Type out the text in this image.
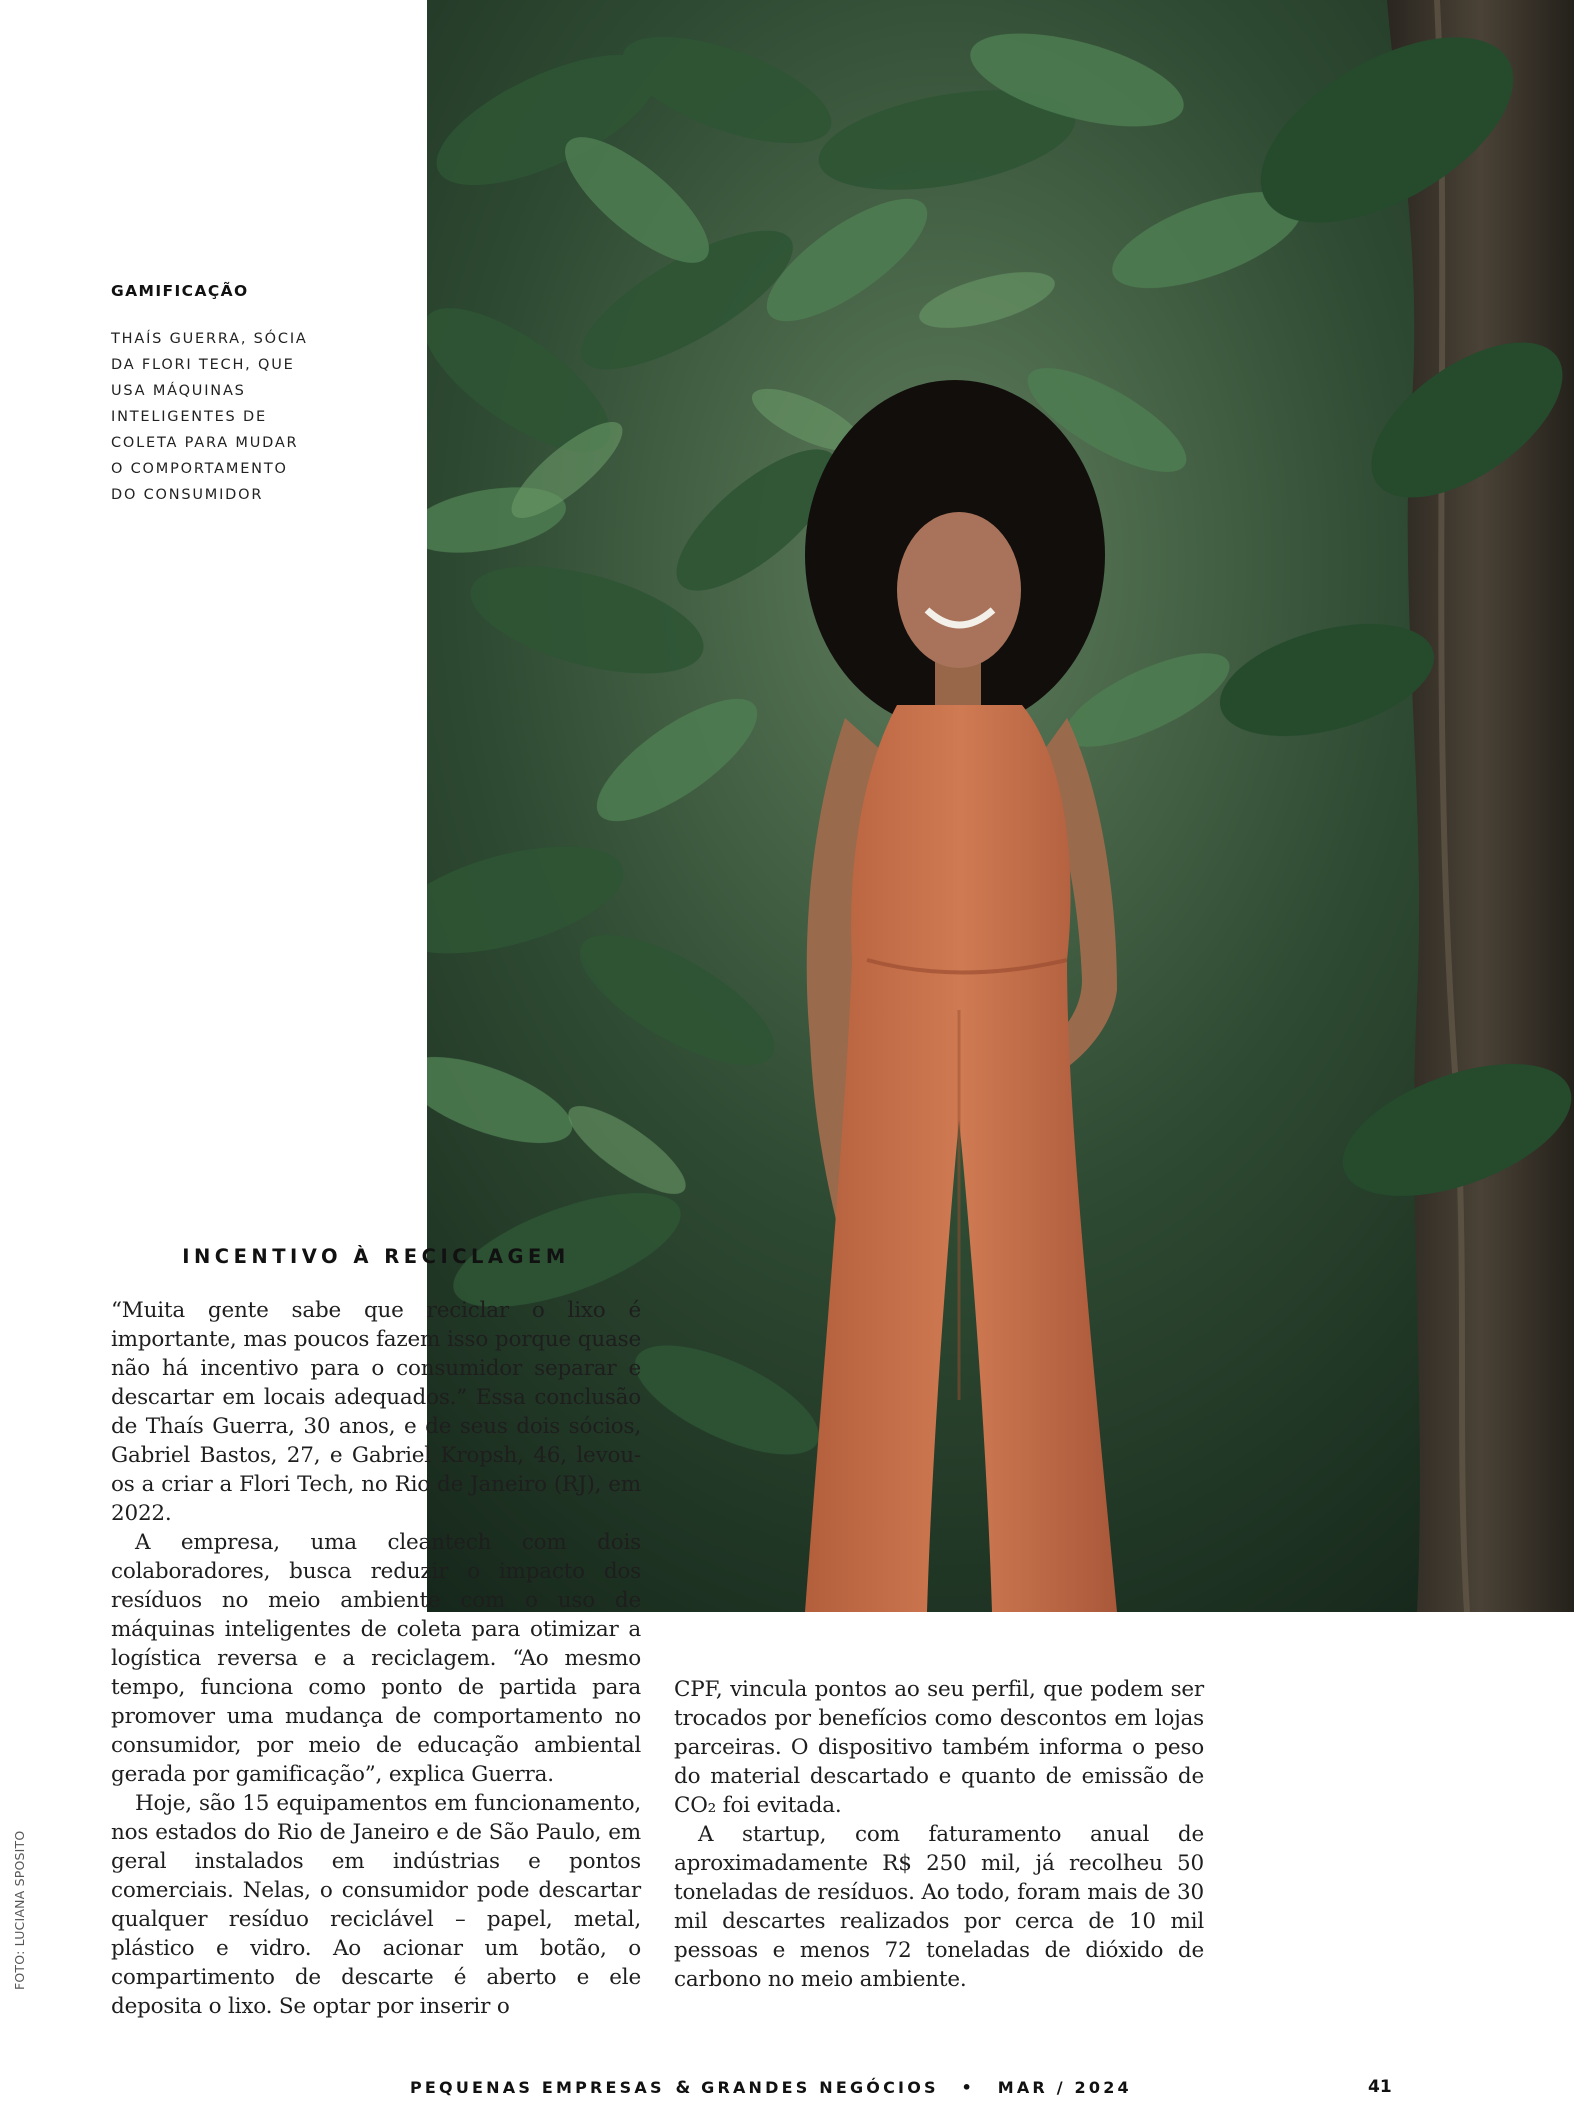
GAMIFICAÇÃO

THAÍS GUERRA, SÓCIA DA FLORI TECH, QUE USA MÁQUINAS INTELIGENTES DE COLETA PARA MUDAR O COMPORTAMENTO DO CONSUMIDOR

INCENTIVO À RECICLAGEM

“Muita gente sabe que reciclar o lixo é importante, mas poucos fazem isso porque quase não há incentivo para o consumidor separar e descartar em locais adequados.” Essa conclusão de Thaís Guerra, 30 anos, e de seus dois sócios, Gabriel Bastos, 27, e Gabriel Kropsh, 46, levou-os a criar a Flori Tech, no Rio de Janeiro (RJ), em 2022.

A empresa, uma cleantech com dois colaboradores, busca reduzir o impacto dos resíduos no meio ambiente com o uso de máquinas inteligentes de coleta para otimizar a logística reversa e a reciclagem. “Ao mesmo tempo, funciona como ponto de partida para promover uma mudança de comportamento no consumidor, por meio de educação ambiental gerada por gamificação”, explica Guerra.

Hoje, são 15 equipamentos em funcionamento, nos estados do Rio de Janeiro e de São Paulo, em geral instalados em indústrias e pontos comerciais. Nelas, o consumidor pode descartar qualquer resíduo reciclável – papel, metal, plástico e vidro. Ao acionar um botão, o compartimento de descarte é aberto e ele deposita o lixo. Se optar por inserir o

CPF, vincula pontos ao seu perfil, que podem ser trocados por benefícios como descontos em lojas parceiras. O dispositivo também informa o peso do material descartado e quanto de emissão de CO₂ foi evitada.

A startup, com faturamento anual de aproximadamente R$ 250 mil, já recolheu 50 toneladas de resíduos. Ao todo, foram mais de 30 mil descartes realizados por cerca de 10 mil pessoas e menos 72 toneladas de dióxido de carbono no meio ambiente.

FOTO: LUCIANA SPOSITO
PEQUENAS EMPRESAS & GRANDES NEGÓCIOS • MAR / 2024	41
